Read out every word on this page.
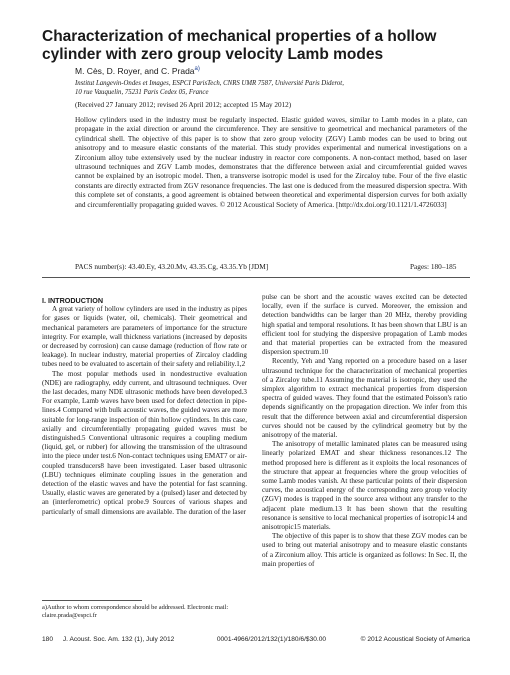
Characterization of mechanical properties of a hollow cylinder with zero group velocity Lamb modes
M. Cès, D. Royer, and C. Prada$^{a)}$
Institut Langevin-Ondes et Images, ESPCI ParisTech, CNRS UMR 7587, Université Paris Diderot,
10 rue Vauquelin, 75231 Paris Cedex 05, France
(Received 27 January 2012; revised 26 April 2012; accepted 15 May 2012)

Hollow cylinders used in the industry must be regularly inspected. Elastic guided waves, similar to Lamb modes in a plate, can propagate in the axial direction or around the circumference. They are sensitive to geometrical and mechanical parameters of the cylindrical shell. The objective of this paper is to show that zero group velocity (ZGV) Lamb modes can be used to bring out anisotropy and to measure elastic constants of the material. This study provides experimental and numerical investigations on a Zirconium alloy tube extensively used by the nuclear industry in reactor core components. A non-contact method, based on laser ultrasound techniques and ZGV Lamb modes, demonstrates that the difference between axial and circumferential guided waves cannot be explained by an isotropic model. Then, a transverse isotropic model is used for the Zircaloy tube. Four of the five elastic constants are directly extracted from ZGV resonance frequencies. The last one is deduced from the measured dispersion spectra. With this complete set of constants, a good agreement is obtained between theoretical and experimental dispersion curves for both axially and circumferentially propagating guided waves. © 2012 Acoustical Society of America. [http://dx.doi.org/10.1121/1.4726033]

PACS number(s): 43.40.Ey, 43.20.Mv, 43.35.Cg, 43.35.Yb [JDM]	Pages: 180–185

I. INTRODUCTION

A great variety of hollow cylinders are used in the industry as pipes for gases or liquids (water, oil, chemicals). Their geometrical and mechanical parameters are parameters of importance for the structure integrity. For example, wall thickness variations (increased by deposits or decreased by corrosion) can cause damage (reduction of flow rate or leakage). In nuclear industry, material properties of Zircaloy cladding tubes need to be evaluated to ascertain of their safety and reliability.1,2

The most popular methods used in nondestructive evaluation (NDE) are radiography, eddy current, and ultrasound techniques. Over the last decades, many NDE ultrasonic methods have been developed.3 For example, Lamb waves have been used for defect detection in pipe-lines.4 Compared with bulk acoustic waves, the guided waves are more suitable for long-range inspection of thin hollow cylinders. In this case, axially and circumferentially propagating guided waves must be distinguished.5 Conventional ultrasonic requires a coupling medium (liquid, gel, or rubber) for allowing the transmission of the ultrasound into the piece under test.6 Non-contact techniques using EMAT7 or air-coupled transducers8 have been investigated. Laser based ultrasonic (LBU) techniques eliminate coupling issues in the generation and detection of the elastic waves and have the potential for fast scanning. Usually, elastic waves are generated by a (pulsed) laser and detected by an (interferometric) optical probe.9 Sources of various shapes and particularly of small dimensions are available. The duration of the laser

pulse can be short and the acoustic waves excited can be detected locally, even if the surface is curved. Moreover, the emission and detection bandwidths can be larger than 20 MHz, thereby providing high spatial and temporal resolutions. It has been shown that LBU is an efficient tool for studying the dispersive propagation of Lamb modes and that material properties can be extracted from the measured dispersion spectrum.10

Recently, Yeh and Yang reported on a procedure based on a laser ultrasound technique for the characterization of mechanical properties of a Zircaloy tube.11 Assuming the material is isotropic, they used the simplex algorithm to extract mechanical properties from dispersion spectra of guided waves. They found that the estimated Poisson's ratio depends significantly on the propagation direction. We infer from this result that the difference between axial and circumferential dispersion curves should not be caused by the cylindrical geometry but by the anisotropy of the material.

The anisotropy of metallic laminated plates can be measured using linearly polarized EMAT and shear thickness resonances.12 The method proposed here is different as it exploits the local resonances of the structure that appear at frequencies where the group velocities of some Lamb modes vanish. At these particular points of their dispersion curves, the acoustical energy of the corresponding zero group velocity (ZGV) modes is trapped in the source area without any transfer to the adjacent plate medium.13 It has been shown that the resulting resonance is sensitive to local mechanical properties of isotropic14 and anisotropic15 materials.

The objective of this paper is to show that these ZGV modes can be used to bring out material anisotropy and to measure elastic constants of a Zirconium alloy. This article is organized as follows: In Sec. II, the main properties of

a)Author to whom correspondence should be addressed. Electronic mail: claire.prada@espci.fr
180 J. Acoust. Soc. Am. 132 (1), July 2012	0001-4966/2012/132(1)/180/6/$30.00	© 2012 Acoustical Society of America
